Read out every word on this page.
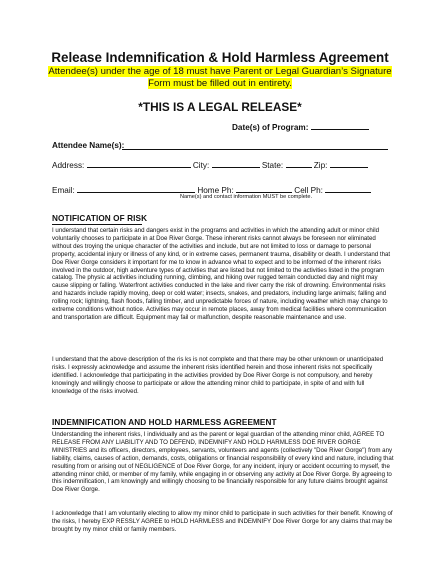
Release Indemnification & Hold Harmless Agreement
Attendee(s) under the age of 18 must have Parent or Legal Guardian’s Signature
Form must be filled out in entirety.
*THIS IS A LEGAL RELEASE*
Date(s) of Program:
Attendee Name(s):
Address:	City:	State:	Zip:
Email:	Home Ph:	Cell Ph:
Name(s) and contact information MUST be complete.
NOTIFICATION OF RISK
I understand that certain risks and dangers exist in the programs and activities in which the attending adult or minor child voluntarily chooses to participate in at Doe River Gorge. These inherent risks cannot always be foreseen nor eliminated without des troying the unique character of the activities and include, but are not limited to loss or damage to personal property, accidental injury or illness of any kind, or in extreme cases, permanent trauma, disability or death. I understand that Doe River Gorge considers it important for me to know in advance what to expect and to be informed of the inherent risks involved in the outdoor, high adventure types of activities that are listed but not limited to the activities listed in the program catalog. The physic al activities including running, climbing, and hiking over rugged terrain conducted day and night may cause slipping or falling. Waterfront activities conducted in the lake and river carry the risk of drowning. Environmental risks and hazards include rapidly moving, deep or cold water; insects, snakes, and predators, including large animals; falling and rolling rock; lightning, flash floods, falling timber, and unpredictable forces of nature, including weather which may change to extreme conditions without notice. Activities may occur in remote places, away from medical facilities where communication and transportation are difficult. Equipment may fail or malfunction, despite reasonable maintenance and use.
I understand that the above description of the ris ks is not complete and that there may be other unknown or unanticipated risks. I expressly acknowledge and assume the inherent risks identified herein and those inherent risks not specifically identified. I acknowledge that participating in the activities provided by Doe River Gorge is not compulsory, and hereby knowingly and willingly choose to participate or allow the attending minor child to participate, in spite of and with full knowledge of the risks involved.
INDEMNIFICATION AND HOLD HARMLESS AGREEMENT
Understanding the inherent risks, I individually and as the parent or legal guardian of the attending minor child, AGREE TO RELEASE FROM ANY LIABILITY AND TO DEFEND, INDEMNIFY AND HOLD HARMLESS DOE RIVER GORGE MINISTRIES and its officers, directors, employees, servants, volunteers and agents (collectively "Doe River Gorge") from any liability, claims, causes of action, demands, costs, obligations or financial responsibility of every kind and nature, including that resulting from or arising out of NEGLIGENCE of Doe River Gorge, for any incident, injury or accident occurring to myself, the attending minor child, or member of my family, while engaging in or observing any activity at Doe River Gorge. By agreeing to this indemnification, I am knowingly and willingly choosing to be financially responsible for any future claims brought against Doe River Gorge.
I acknowledge that I am voluntarily electing to allow my minor child to participate in such activities for their benefit. Knowing of the risks, I hereby EXP RESSLY AGREE to HOLD HARMLESS and INDEMNIFY Doe River Gorge for any claims that may be brought by my minor child or family members.
